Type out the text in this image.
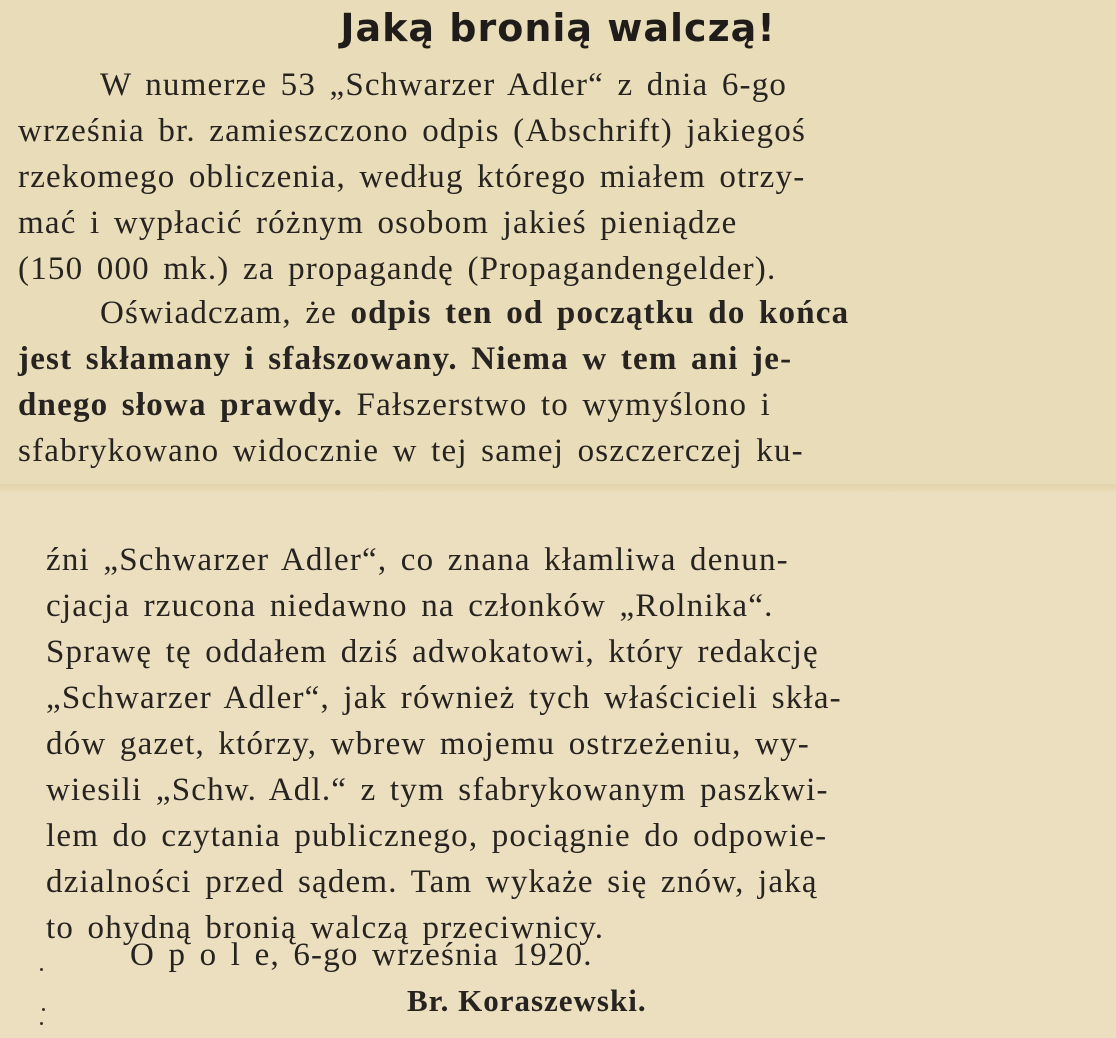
Jaką bronią walczą!
W numerze 53 „Schwarzer Adler“ z dnia 6-go
września br. zamieszczono odpis (Abschrift) jakiegoś
rzekomego obliczenia, według którego miałem otrzy-
mać i wypłacić różnym osobom jakieś pieniądze
(150 000 mk.) za propagandę (Propagandengelder).
Oświadczam, że odpis ten od początku do końca
jest skłamany i sfałszowany. Niema w tem ani je-
dnego słowa prawdy. Fałszerstwo to wymyślono i
sfabrykowano widocznie w tej samej oszczerczej ku-
źni „Schwarzer Adler“, co znana kłamliwa denun-
cjacja rzucona niedawno na członków „Rolnika“.
Sprawę tę oddałem dziś adwokatowi, który redakcję
„Schwarzer Adler“, jak również tych właścicieli skła-
dów gazet, którzy, wbrew mojemu ostrzeżeniu, wy-
wiesili „Schw. Adl.“ z tym sfabrykowanym paszkwi-
lem do czytania publicznego, pociągnie do odpowie-
dzialności przed sądem. Tam wykaże się znów, jaką
to ohydną bronią walczą przeciwnicy.
O p o l e, 6-go września 1920.
Br. Koraszewski.
